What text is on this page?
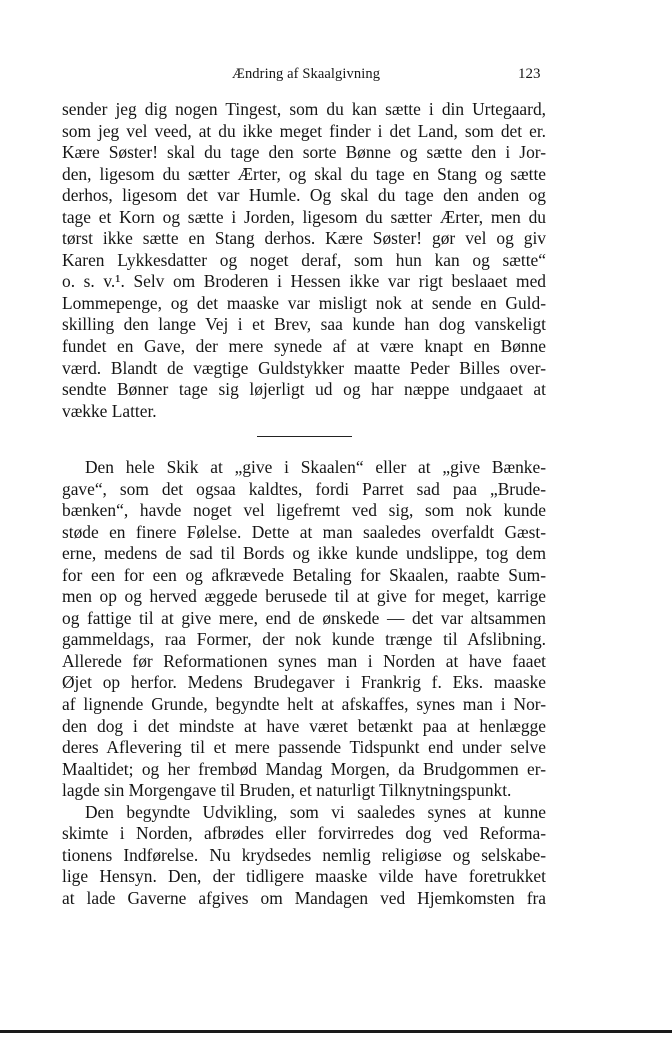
Ændring af Skaalgivning	123
sender jeg dig nogen Tingest, som du kan sætte i din Urtegaard,
som jeg vel veed, at du ikke meget finder i det Land, som det er.
Kære Søster! skal du tage den sorte Bønne og sætte den i Jor-
den, ligesom du sætter Ærter, og skal du tage en Stang og sætte
derhos, ligesom det var Humle. Og skal du tage den anden og
tage et Korn og sætte i Jorden, ligesom du sætter Ærter, men du
tørst ikke sætte en Stang derhos. Kære Søster! gør vel og giv
Karen Lykkesdatter og noget deraf, som hun kan og sætte“
o. s. v.¹. Selv om Broderen i Hessen ikke var rigt beslaaet med
Lommepenge, og det maaske var misligt nok at sende en Guld-
skilling den lange Vej i et Brev, saa kunde han dog vanskeligt
fundet en Gave, der mere synede af at være knapt en Bønne
værd. Blandt de vægtige Guldstykker maatte Peder Billes over-
sendte Bønner tage sig løjerligt ud og har næppe undgaaet at
vække Latter.
Den hele Skik at „give i Skaalen“ eller at „give Bænke-
gave“, som det ogsaa kaldtes, fordi Parret sad paa „Brude-
bænken“, havde noget vel ligefremt ved sig, som nok kunde
støde en finere Følelse. Dette at man saaledes overfaldt Gæst-
erne, medens de sad til Bords og ikke kunde undslippe, tog dem
for een for een og afkrævede Betaling for Skaalen, raabte Sum-
men op og herved æggede berusede til at give for meget, karrige
og fattige til at give mere, end de ønskede — det var altsammen
gammeldags, raa Former, der nok kunde trænge til Afslibning.
Allerede før Reformationen synes man i Norden at have faaet
Øjet op herfor. Medens Brudegaver i Frankrig f. Eks. maaske
af lignende Grunde, begyndte helt at afskaffes, synes man i Nor-
den dog i det mindste at have været betænkt paa at henlægge
deres Aflevering til et mere passende Tidspunkt end under selve
Maaltidet; og her frembød Mandag Morgen, da Brudgommen er-
lagde sin Morgengave til Bruden, et naturligt Tilknytningspunkt.
Den begyndte Udvikling, som vi saaledes synes at kunne
skimte i Norden, afbrødes eller forvirredes dog ved Reforma-
tionens Indførelse. Nu krydsedes nemlig religiøse og selskabe-
lige Hensyn. Den, der tidligere maaske vilde have foretrukket
at lade Gaverne afgives om Mandagen ved Hjemkomsten fra
